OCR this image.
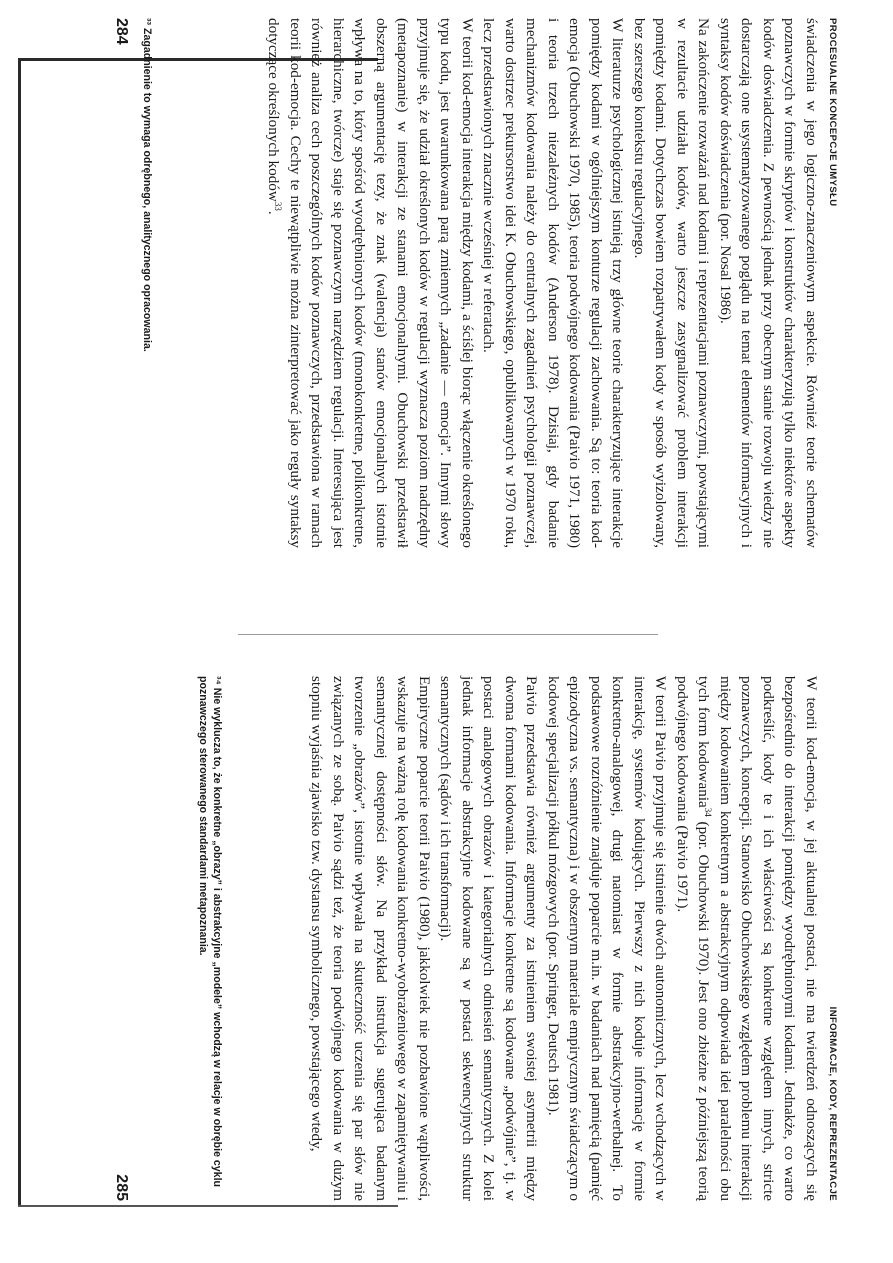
PROCESUALNE KONCEPCJE UMYSŁU

świadczenia w jego logiczno-znaczeniowym aspekcie. Również teorie schematów poznawczych w formie skryptów i konstruktów charakteryzują tylko niektóre aspekty kodów doświadczenia. Z pewnością jednak przy obecnym stanie rozwoju wiedzy nie dostarczają one usystematyzowanego poglądu na temat elementów informacyjnych i syntaksy kodów doświadczenia (por. Nosal 1986).

Na zakończenie rozważań nad kodami i reprezentacjami poznawczymi, powstającymi w rezultacie udziału kodów, warto jeszcze zasygnalizować problem interakcji pomiędzy kodami. Dotychczas bowiem rozpatrywałem kody w sposób wyizolowany, bez szerszego kontekstu regulacyjnego.

W literaturze psychologicznej istnieją trzy główne teorie charakteryzujące interakcje pomiędzy kodami w ogólniejszym konturze regulacji zachowania. Są to: teoria kod-emocja (Obuchowski 1970, 1985), teoria podwójnego kodowania (Paivio 1971, 1980) i teoria trzech niezależnych kodów (Anderson 1978). Dzisiaj, gdy badanie mechanizmów kodowania należy do centralnych zagadnień psychologii poznawczej, warto dostrzec prekursorstwo idei K. Obuchowskiego, opublikowanych w 1970 roku, lecz przedstawionych znacznie wcześniej w referatach.

W teorii kod-emocja interakcja między kodami, a ściślej biorąc włączenie określonego typu kodu, jest uwarunkowana parą zmiennych „zadanie — emocja”. Innymi słowy przyjmuje się, że udział określonych kodów w regulacji wyznacza poziom nadrzędny (metapoznanie) w interakcji ze stanami emocjonalnymi. Obuchowski przedstawił obszerną argumentację tezy, że znak (walencja) stanów emocjonalnych istotnie wpływa na to, który spośród wyodrębnionych kodów (monokonkretne, polikonkretne, hierarchiczne, twórcze) staje się poznawczym narzędziem regulacji. Interesująca jest również analiza cech poszczególnych kodów poznawczych, przedstawiona w ramach teorii kod-emocja. Cechy te niewątpliwie można zinterpretować jako reguły syntaksy dotyczące określonych kodów$^{33}$.

³³ Zagadnienie to wymaga odrębnego, analitycznego opracowania.
284
INFORMACJE, KODY, REPREZENTACJE

W teorii kod-emocja, w jej aktualnej postaci, nie ma twierdzeń odnoszących się bezpośrednio do interakcji pomiędzy wyodrębnionymi kodami. Jednakże, co warto podkreślić, kody te i ich właściwości są konkretne względem innych, stricte poznawczych, koncepcji. Stanowisko Obuchowskiego względem problemu interakcji między kodowaniem konkretnym a abstrakcyjnym odpowiada idei paralelności obu tych form kodowania$^{34}$ (por. Obuchowski 1970). Jest ono zbieżne z późniejszą teorią podwójnego kodowania (Paivio 1971).

W teorii Paivio przyjmuje się istnienie dwóch autonomicznych, lecz wchodzących w interakcję, systemów kodujących. Pierwszy z nich koduje informację w formie konkretno-analogowej, drugi natomiast w formie abstrakcyjno-werbalnej. To podstawowe rozróżnienie znajduje poparcie m.in. w badaniach nad pamięcią (pamięć epizodyczna vs. semantyczna) i w obszernym materiale empirycznym świadczącym o kodowej specjalizacji półkul mózgowych (por. Springer, Deutsch 1981).

Paivio przedstawia również argumenty za istnieniem swoistej asymetrii między dwoma formami kodowania. Informacje konkretne są kodowane „podwójnie”, tj. w postaci analogowych obrazów i kategorialnych odniesień semantycznych. Z kolei jednak informacje abstrakcyjne kodowane są w postaci sekwencyjnych struktur semantycznych (sądów i ich transformacji).

Empiryczne poparcie teorii Paivio (1980), jakkolwiek nie pozbawione wątpliwości, wskazuje na ważną rolę kodowania konkretno-wyobrażeniowego w zapamiętywaniu i semantycznej dostępności słów. Na przykład instrukcja sugerująca badanym tworzenie „obrazów”, istotnie wpływała na skuteczność uczenia się par słów nie związanych ze sobą. Paivio sądzi też, że teoria podwójnego kodowania w dużym stopniu wyjaśnia zjawisko tzw. dystansu symbolicznego, powstającego wtedy,

³⁴ Nie wyklucza to, że konkretne „obrazy” i abstrakcyjne „modele” wchodzą w relacje w obrębie cyklu poznawczego sterowanego standardami metapoznania.
285
